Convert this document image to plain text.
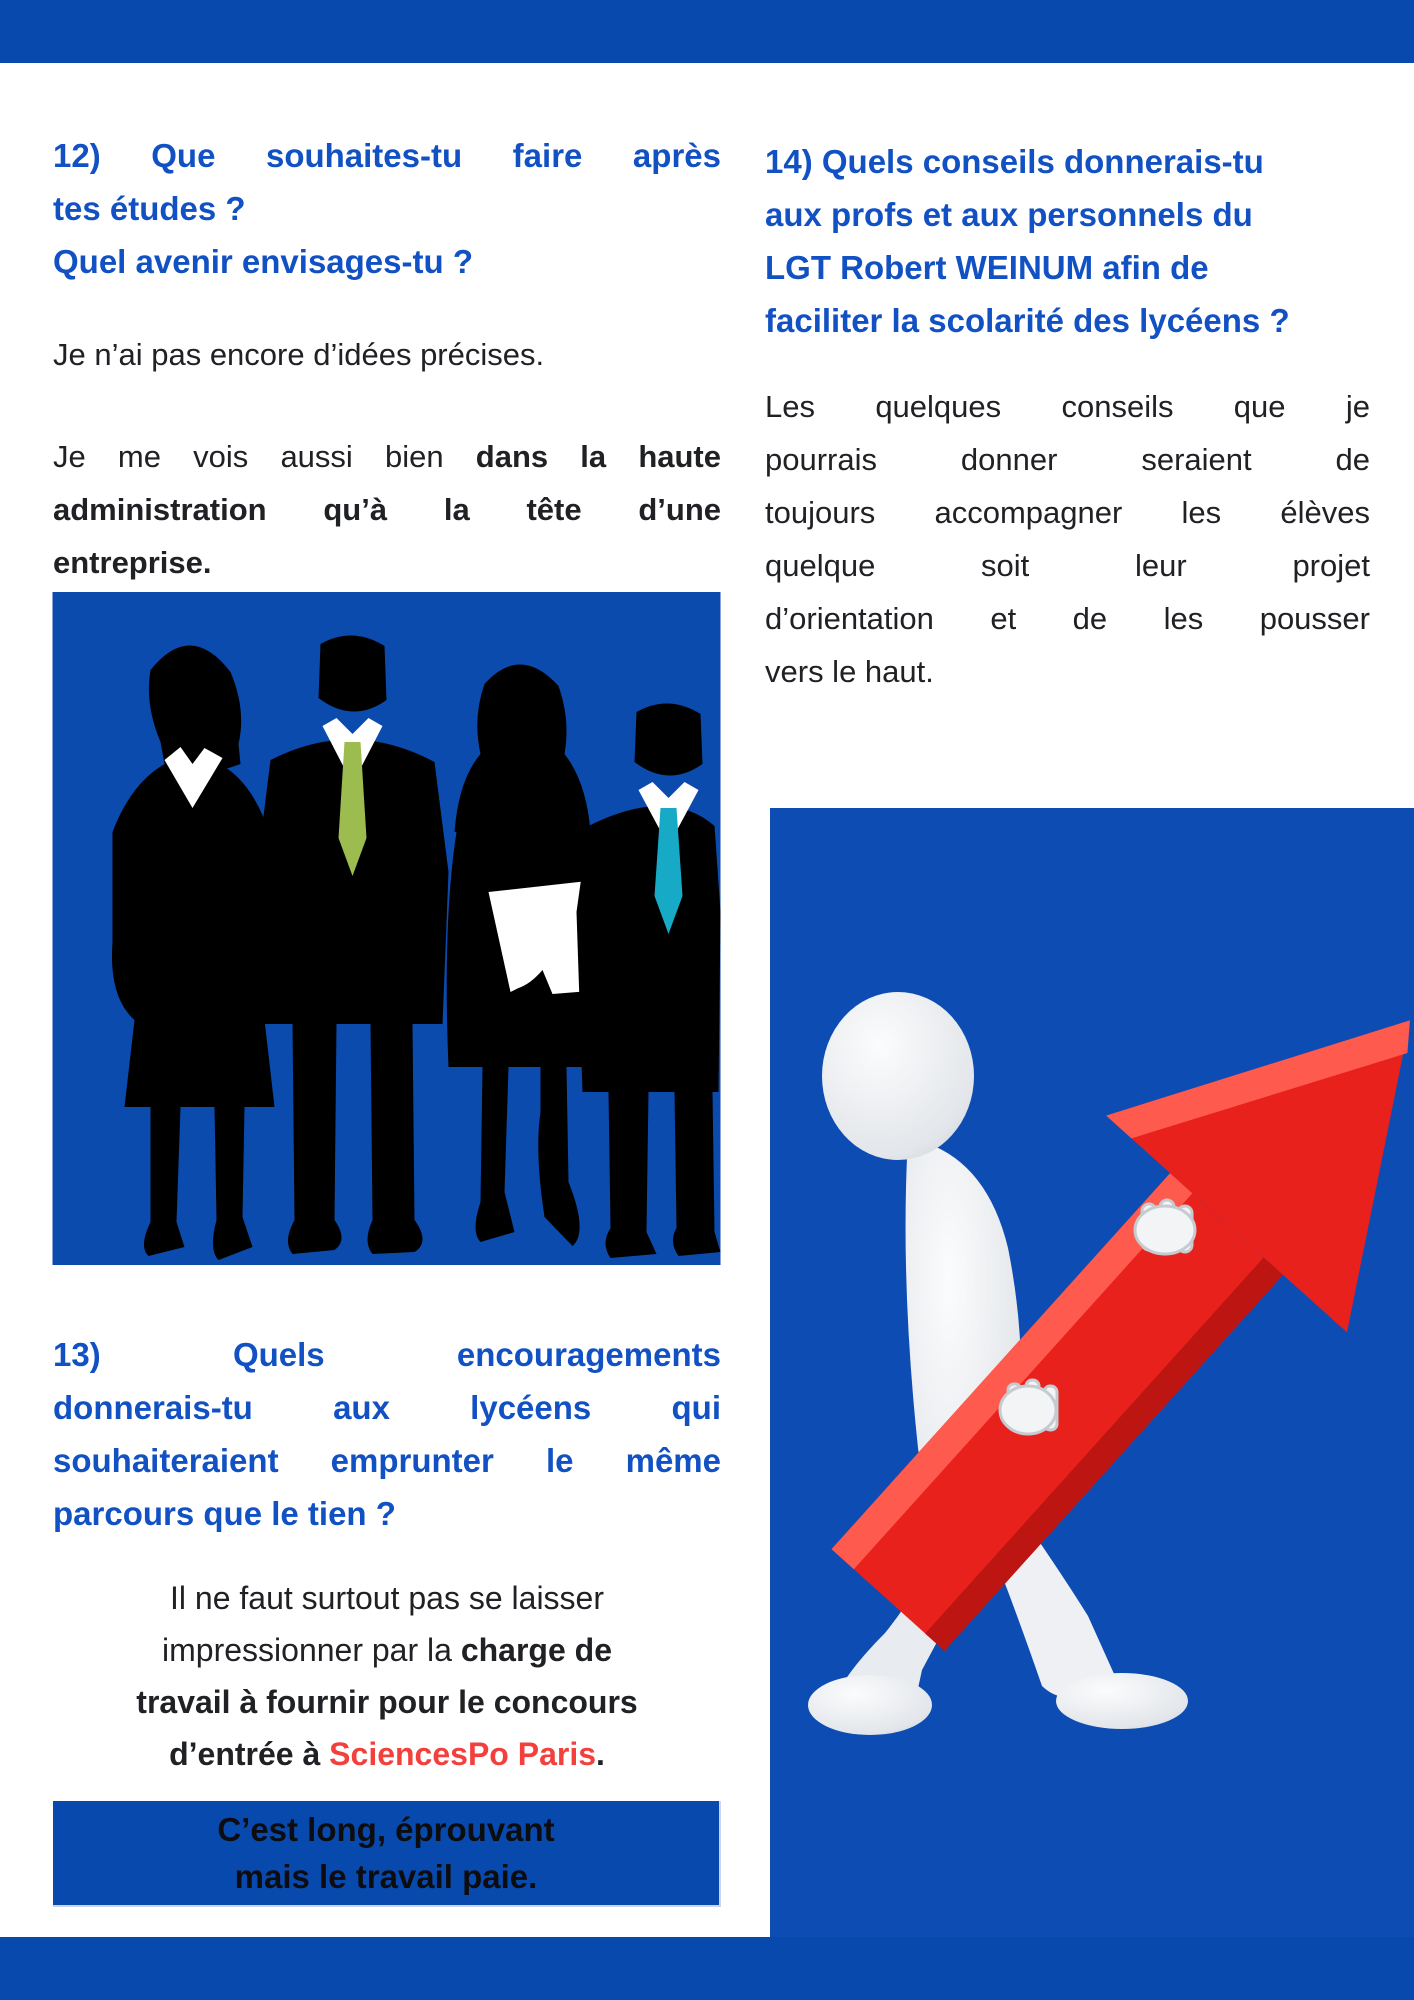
12) Que souhaites-tu faire après
tes études ?
Quel avenir envisages-tu ?
Je n’ai pas encore d’idées précises.
Je me vois aussi bien dans la haute
administration qu’à la tête d’une
entreprise.
13) Quels encouragements
donnerais-tu aux lycéens qui
souhaiteraient emprunter le même
parcours que le tien ?
Il ne faut surtout pas se laisser
impressionner par la charge de
travail à fournir pour le concours
d’entrée à SciencesPo Paris.
C’est long, éprouvant
mais le travail paie.
14) Quels conseils donnerais-tu
aux profs et aux personnels du
LGT Robert WEINUM afin de
faciliter la scolarité des lycéens ?
Les quelques conseils que je
pourrais donner seraient de
toujours accompagner les élèves
quelque soit leur projet
d’orientation et de les pousser
vers le haut.
